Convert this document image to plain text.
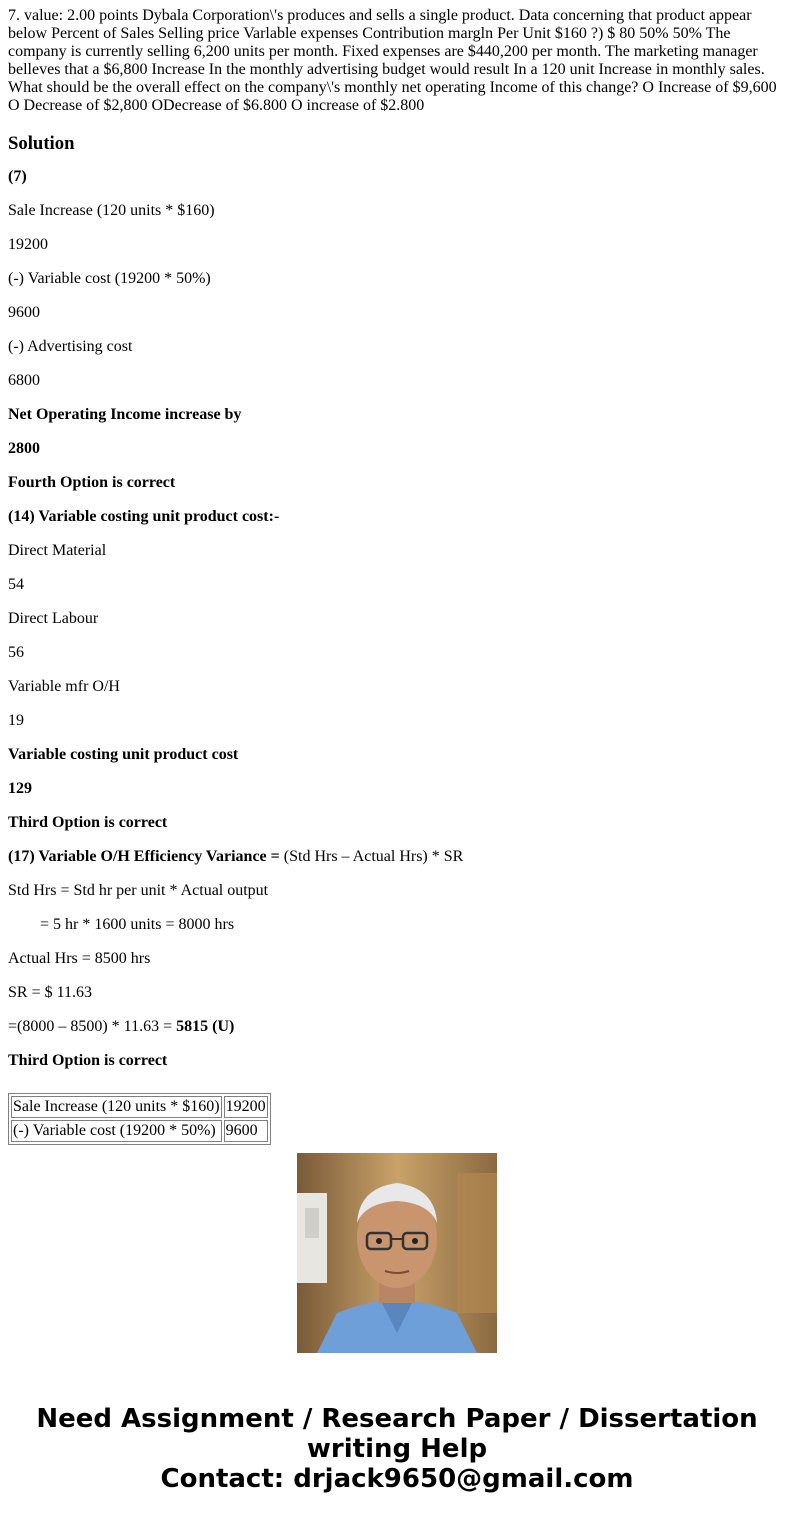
7. value: 2.00 points Dybala Corporation\'s produces and sells a single product. Data concerning that product appear below Percent of Sales Selling price Varlable expenses Contribution margln Per Unit $160 ?) $ 80 50% 50% The company is currently selling 6,200 units per month. Fixed expenses are $440,200 per month. The marketing manager belleves that a $6,800 Increase In the monthly advertising budget would result In a 120 unit Increase in monthly sales. What should be the overall effect on the company\'s monthly net operating Income of this change? O Increase of $9,600 O Decrease of $2,800 ODecrease of $6.800 O increase of $2.800

Solution

(7)

Sale Increase (120 units * $160)

19200

(-) Variable cost (19200 * 50%)

9600

(-) Advertising cost

6800

Net Operating Income increase by

2800

Fourth Option is correct

(14) Variable costing unit product cost:-

Direct Material

54

Direct Labour

56

Variable mfr O/H

19

Variable costing unit product cost

129

Third Option is correct

(17) Variable O/H Efficiency Variance = (Std Hrs – Actual Hrs) * SR

Std Hrs = Std hr per unit * Actual output

= 5 hr * 1600 units = 8000 hrs

Actual Hrs = 8500 hrs

SR = $ 11.63

=(8000 – 8500) * 11.63 = 5815 (U)

Third Option is correct

Sale Increase (120 units * $160)	19200
(-) Variable cost (19200 * 50%)	9600
Need Assignment / Research Paper / Dissertation
writing Help
Contact: drjack9650@gmail.com
